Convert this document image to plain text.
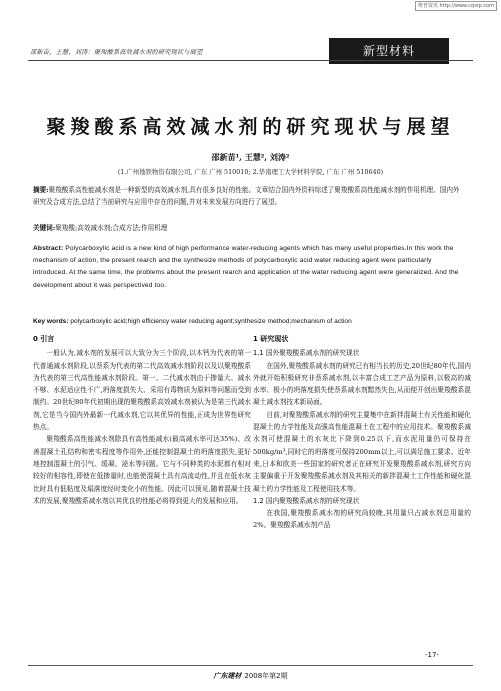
维普资讯 http://www.cqvip.com
邵新苗，王慧，刘涛：聚羧酸系高效减水剂的研究现状与展望	新型材料
聚羧酸系高效减水剂的研究现状与展望
邵新苗¹, 王慧², 刘涛²
(1.广州地铁物资有限公司, 广东 广州 510010; 2.华南理工大学材料学院, 广东 广州 510640)
摘要:聚羧酸系高性能减水剂是一种新型的高效减水剂,具有很多良好的性能。文章结合国内外资料综述了聚羧酸系高性能减水剂的作用机理、国内外研究及合成方法,总结了当前研究与应用中存在的问题,并对未来发展方向进行了展望。
关键词:聚羧酸;高效减水剂;合成方法;作用机理
Abstract: Polycarboxylic acid is a new kind of high performance water-reducing agents which has many useful properties.In this work the mechanism of action, the present rearch and the synthesize methods of polycarboxylic acid water reducing agent were particularly introduced. At the same time, the problems about the present rearch and application of the water reducing agent were generalized. And the development about it was perspectived too.
Key words: polycarboxylic acid;high efficiency water reducing agent;synthesize method;mechanism of action

0 引言

一般认为,减水剂的发展可以大致分为三个阶段,以木钙为代表的第一代普通减水剂阶段,以萘系为代表的第二代高效减水剂阶段以及以聚羧酸系为代表的第三代高性能减水剂阶段。第一、二代减水剂由于掺量大、减水不够、水泥适应性不广,坍落度损失大、采用有毒物质为原料等问题而受到制约。20世纪80年代初期出现的聚羧酸系高效减水剂被认为是第三代减水剂,它是当今国内外最新一代减水剂,它以其优异的性能,正成为世界性研究热点。

聚羧酸系高性能减水剂除具有高性能减水(最高减水率可达35%)、改善混凝土孔结构和密实程度等作用外,还能控制混凝土的坍落度损失,更好地控制混凝土的引气、缓凝、泌水等问题。它与不同种类的水泥都有相对较好的相容性,即使在低掺量时,也能使混凝土具有高流动性,并且在低水灰比时具有低粘度及塌落度经时变化小的性能。因此可以预见,随着混凝土技术的发展,聚羧酸系减水剂以其优良的性能必将得到更大的发展和应用。

1 研究现状

1.1 国外聚羧酸系减水剂的研究现状

在国外,聚羧酸系减水剂的研究已有相当长的历史,20世纪80年代,国内外就开始积极研究非萘系减水剂,以丰富合成工艺产品为原料,以极高的减水率、极小的坍落度损失使萘系减水剂黯然失色,从而便开创出聚羧酸系混凝土减水剂技术新局面。

目前,对聚羧酸系减水剂的研究主要集中在新拌混凝土有关性能和硬化混凝土的力学性能及高强高性能混凝土在工程中的应用技术。聚羧酸系减水剂可使混凝土的水灰比下降到0.25以下,而水泥用量仍可保持在500kg/m³,同时它的坍落度可保持200mm以上,可以满足施工要求。近年来,日本和欧美一些国家的研究者正在研究开发聚羧酸系减水剂,研究方向主要偏重于开发聚羧酸系减水剂及其相关的新拌混凝土工作性能和硬化混凝土的力学性能及工程使用技术等。

1.2 国内聚羧酸系减水剂的研究现状

在我国,聚羧酸系减水剂的研究尚较晚,其用量只占减水剂总用量的2%。聚羧酸系减水剂产品

-17-
广东建材 2008年第2期
